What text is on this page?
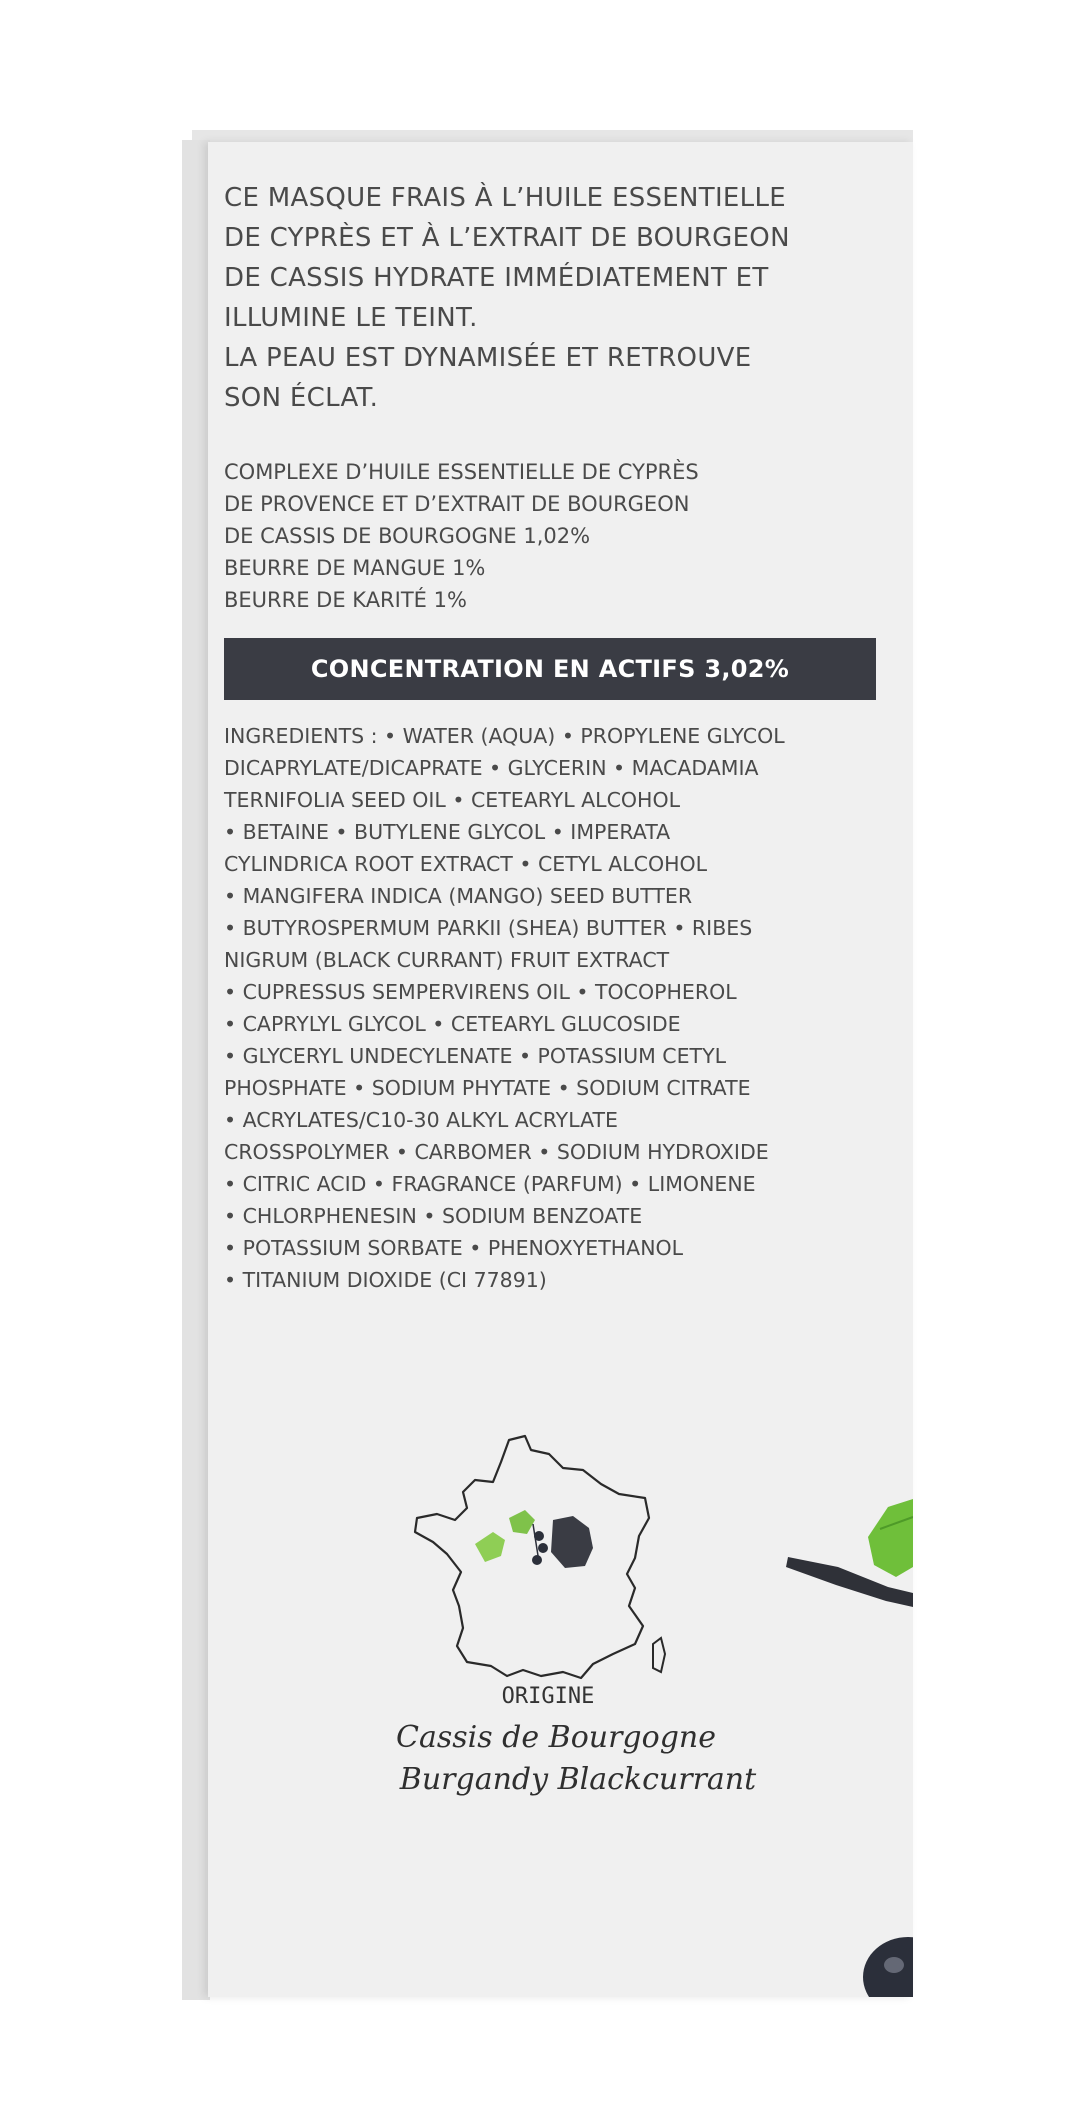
CE MASQUE FRAIS À L’HUILE ESSENTIELLE
DE CYPRÈS ET À L’EXTRAIT DE BOURGEON
DE CASSIS HYDRATE IMMÉDIATEMENT ET
ILLUMINE LE TEINT.
LA PEAU EST DYNAMISÉE ET RETROUVE
SON ÉCLAT.
COMPLEXE D’HUILE ESSENTIELLE DE CYPRÈS
DE PROVENCE ET D’EXTRAIT DE BOURGEON
DE CASSIS DE BOURGOGNE 1,02%
BEURRE DE MANGUE 1%
BEURRE DE KARITÉ 1%
CONCENTRATION EN ACTIFS 3,02%
INGREDIENTS : • WATER (AQUA) • PROPYLENE GLYCOL
DICAPRYLATE/DICAPRATE • GLYCERIN • MACADAMIA
TERNIFOLIA SEED OIL • CETEARYL ALCOHOL
• BETAINE • BUTYLENE GLYCOL • IMPERATA
CYLINDRICA ROOT EXTRACT • CETYL ALCOHOL
• MANGIFERA INDICA (MANGO) SEED BUTTER
• BUTYROSPERMUM PARKII (SHEA) BUTTER • RIBES
NIGRUM (BLACK CURRANT) FRUIT EXTRACT
• CUPRESSUS SEMPERVIRENS OIL • TOCOPHEROL
• CAPRYLYL GLYCOL • CETEARYL GLUCOSIDE
• GLYCERYL UNDECYLENATE • POTASSIUM CETYL
PHOSPHATE • SODIUM PHYTATE • SODIUM CITRATE
• ACRYLATES/C10-30 ALKYL ACRYLATE
CROSSPOLYMER • CARBOMER • SODIUM HYDROXIDE
• CITRIC ACID • FRAGRANCE (PARFUM) • LIMONENE
• CHLORPHENESIN • SODIUM BENZOATE
• POTASSIUM SORBATE • PHENOXYETHANOL
• TITANIUM DIOXIDE (CI 77891)
ORIGINE
Cassis de Bourgogne
Burgandy Blackcurrant
